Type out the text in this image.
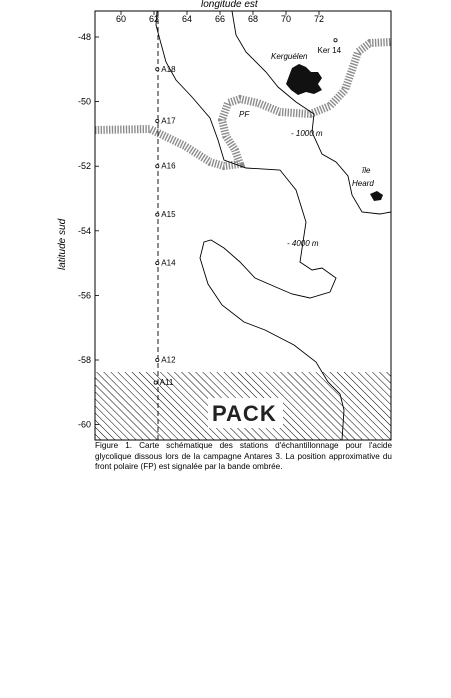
PACK
longitude est
latitude sud
Kerguélen
île
Heard
PF
- 1000 m
- 4000 m
60	62	64	66	68	70	72
-48
-50
-52
-54
-56
-58
-60
A18
A17
A16
A15
A14
A12
A11
Ker 14

Figure 1. Carte schématique des stations d'échantillonnage pour l'acide glycolique dissous lors de la campagne Antares 3. La position approximative du front polaire (FP) est signalée par la bande ombrée.
